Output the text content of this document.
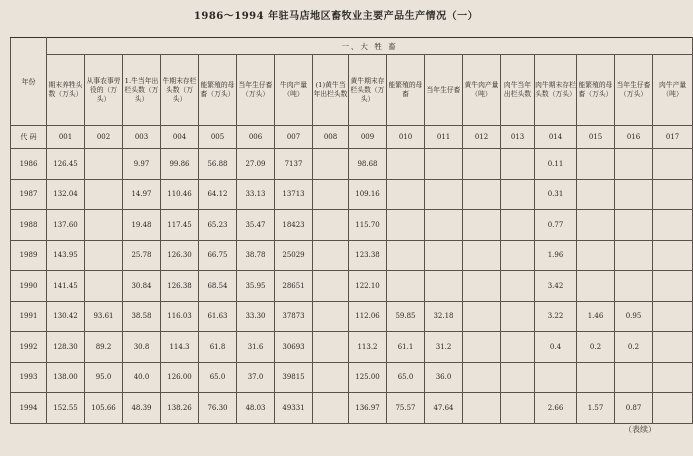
1986～1994 年驻马店地区畜牧业主要产品生产情况（一）
年份	一、大 牲 畜																
	期末养牲头数（万头）	从事农事劳役的（万头）	1.牛当年出栏头数（万头）	牛期末存栏头数（万头）	能繁殖的母畜（万头）	当年生仔畜（万头）	牛肉产量（吨）	(1)黄牛当年出栏头数	黄牛期末存栏头数（万头）	能繁殖的母畜	当年生仔畜	黄牛肉产量（吨）	肉牛当年出栏头数	肉牛期末存栏头数（万头）	能繁殖的母畜（万头）	当年生仔畜（万头）	肉牛产量（吨）
代 码	001	002	003	004	005	006	007	008	009	010	011	012	013	014	015	016	017
1986	126.45		9.97	99.86	56.88	27.09	7137		98.68					0.11			
1987	132.04		14.97	110.46	64.12	33.13	13713		109.16					0.31			
1988	137.60		19.48	117.45	65.23	35.47	18423		115.70					0.77			
1989	143.95		25.78	126.30	66.75	38.78	25029		123.38					1.96			
1990	141.45		30.84	126.38	68.54	35.95	28651		122.10					3.42			
1991	130.42	93.61	38.58	116.03	61.63	33.30	37873		112.06	59.85	32.18			3.22	1.46	0.95	
1992	128.30	89.2	30.8	114.3	61.8	31.6	30693		113.2	61.1	31.2			0.4	0.2	0.2	
1993	138.00	95.0	40.0	126.00	65.0	37.0	39815		125.00	65.0	36.0						
1994	152.55	105.66	48.39	138.26	76.30	48.03	49331		136.97	75.57	47.64			2.66	1.57	0.87	
（表续）
